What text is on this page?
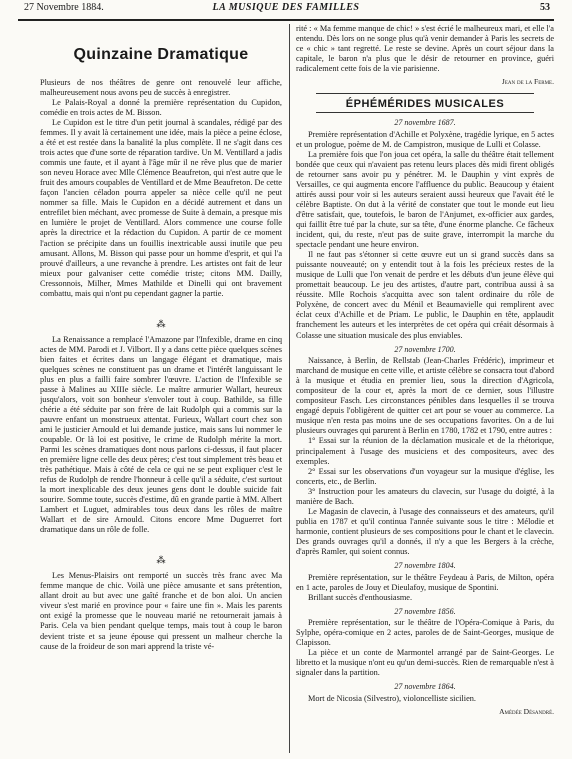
27 Novembre 1884.	LA MUSIQUE DES FAMILLES	53
Quinzaine Dramatique

Plusieurs de nos théâtres de genre ont renouvelé leur affiche, malheureusement nous avons peu de succès à enregistrer.

Le Palais-Royal a donné la première représentation du Cupidon, comédie en trois actes de M. Bisson.

Le Cupidon est le titre d'un petit journal à scandales, rédigé par des femmes. Il y avait là certainement une idée, mais la pièce a peine éclose, a été et est restée dans la banalité la plus complète. Il ne s'agit dans ces trois actes que d'une sorte de réparation tardive. Un M. Ventillard a jadis commis une faute, et il ayant à l'âge mûr il ne rêve plus que de marier son neveu Horace avec Mlle Clémence Beaufreton, qui n'est autre que le fruit des amours coupables de Ventillard et de Mme Beaufreton. De cette façon l'ancien céladon pourra appeler sa nièce celle qu'il ne peut nommer sa fille. Mais le Cupidon en a décidé autrement et dans un entrefilet bien méchant, avec promesse de Suite à demain, a presque mis en lumière le projet de Ventillard. Alors commence une course folle après la directrice et la rédaction du Cupidon. A partir de ce moment l'action se précipite dans un fouillis inextricable aussi inutile que peu amusant. Allons, M. Bisson qui passe pour un homme d'esprit, et qui l'a prouvé d'ailleurs, a une revanche à prendre. Les artistes ont fait de leur mieux pour galvaniser cette comédie triste; citons MM. Dailly, Cressonnois, Milher, Mmes Mathilde et Dinelli qui ont bravement combattu, mais qui n'ont pu cependant gagner la partie.

⁂

La Renaissance a remplacé l'Amazone par l'Infexible, drame en cinq actes de MM. Parodi et J. Vilbort. Il y a dans cette pièce quelques scènes bien faites et écrites dans un langage élégant et dramatique, mais quelques scènes ne constituent pas un drame et l'intérêt languissant le plus en plus a failli faire sombrer l'œuvre. L'action de l'Infexible se passe à Malines au XIIIe siècle. Le maître armurier Wallart, heureux jusqu'alors, voit son bonheur s'envoler tout à coup. Bathilde, sa fille chérie a été séduite par son frère de lait Rudolph qui a commis sur la pauvre enfant un monstrueux attentat. Furieux, Wallart court chez son ami le justicier Arnould et lui demande justice, mais sans lui nommer le coupable. Or là loi est positive, le crime de Rudolph mérite la mort. Parmi les scènes dramatiques dont nous parlons ci-dessus, il faut placer en première ligne celle des deux pères; c'est tout simplement très beau et très pathétique. Mais à côté de cela ce qui ne se peut expliquer c'est le refus de Rudolph de rendre l'honneur à celle qu'il a séduite, c'est surtout la mort inexplicable des deux jeunes gens dont le double suicide fait sourire. Somme toute, succès d'estime, dû en grande partie à MM. Albert Lambert et Luguet, admirables tous deux dans les rôles de maître Wallart et de sire Arnould. Citons encore Mme Duguerret fort dramatique dans un rôle de folle.

⁂

Les Menus-Plaisirs ont remporté un succès très franc avec Ma femme manque de chic. Voilà une pièce amusante et sans prétention, allant droit au but avec une gaîté franche et de bon aloi. Un ancien viveur s'est marié en province pour « faire une fin ». Mais les parents ont exigé la promesse que le nouveau marié ne retournerait jamais à Paris. Cela va bien pendant quelque temps, mais tout à coup le baron devient triste et sa jeune épouse qui pressent un malheur cherche la cause de la froideur de son mari apprend la triste vé-

rité : « Ma femme manque de chic! » s'est écrié le malheureux mari, et elle l'a entendu. Dès lors on ne songe plus qu'à venir demander à Paris les secrets de ce « chic » tant regretté. Le reste se devine. Après un court séjour dans la capitale, le baron n'a plus que le désir de retourner en province, guéri radicalement cette fois de la vie parisienne.

Jean de la Ferme.

ÉPHÉMÉRIDES MUSICALES

27 novembre 1687.

Première représentation d'Achille et Polyxène, tragédie lyrique, en 5 actes et un prologue, poème de M. de Campistron, musique de Lulli et Colasse.

La première fois que l'on joua cet opéra, la salle du théâtre était tellement bondée que ceux qui n'avaient pas retenu leurs places dès midi firent obligés de retourner sans avoir pu y pénétrer. M. le Dauphin y vint exprès de Versailles, ce qui augmenta encore l'affluence du public. Beaucoup y étaient attirés aussi pour voir si les auteurs seraient aussi heureux que l'avait été le célèbre Baptiste. On dut à la vérité de constater que tout le monde eut lieu d'être satisfait, que, toutefois, le baron de l'Anjumet, ex-officier aux gardes, qui faillit être tué par la chute, sur sa tête, d'une énorme planche. Ce fâcheux incident, qui, du reste, n'eut pas de suite grave, interrompit la marche du spectacle pendant une heure environ.

Il ne faut pas s'étonner si cette œuvre eut un si grand succès dans sa puissante nouveauté; on y entendit tout à la fois les précieux restes de la musique de Lulli que l'on venait de perdre et les débuts d'un jeune élève qui promettait beaucoup. Le jeu des artistes, d'autre part, contribua aussi à sa réussite. Mlle Rochois s'acquitta avec son talent ordinaire du rôle de Polyxène, de concert avec du Ménil et Beaumavielle qui remplirent avec éclat ceux d'Achille et de Priam. Le public, le Dauphin en tête, applaudit franchement les auteurs et les interprètes de cet opéra qui créait désormais à Colasse une situation musicale des plus enviables.

27 novembre 1700.

Naissance, à Berlin, de Rellstab (Jean-Charles Frédéric), imprimeur et marchand de musique en cette ville, et artiste célèbre se consacra tout d'abord à la musique et étudia en premier lieu, sous la direction d'Agricola, compositeur de la cour et, après la mort de ce dernier, sous l'illustre compositeur Fasch. Les circonstances pénibles dans lesquelles il se trouva engagé depuis l'obligèrent de quitter cet art pour se vouer au commerce. La musique n'en resta pas moins une de ses occupations favorites. On a de lui plusieurs ouvrages qui parurent à Berlin en 1780, 1782 et 1790, entre autres :

1° Essai sur la réunion de la déclamation musicale et de la rhétorique, principalement à l'usage des musiciens et des compositeurs, avec des exemples.

2° Essai sur les observations d'un voyageur sur la musique d'église, les concerts, etc., de Berlin.

3° Instruction pour les amateurs du clavecin, sur l'usage du doigté, à la manière de Bach.

Le Magasin de clavecin, à l'usage des connaisseurs et des amateurs, qu'il publia en 1787 et qu'il continua l'année suivante sous le titre : Mélodie et harmonie, contient plusieurs de ses compositions pour le chant et le clavecin. Des grands ouvrages qu'il a donnés, il n'y a que les Bergers à la crèche, d'après Ramler, qui soient connus.

27 novembre 1804.

Première représentation, sur le théâtre Feydeau à Paris, de Milton, opéra en 1 acte, paroles de Jouy et Dieulafoy, musique de Spontini.

Brillant succès d'enthousiasme.

27 novembre 1856.

Première représentation, sur le théâtre de l'Opéra-Comique à Paris, du Sylphe, opéra-comique en 2 actes, paroles de de Saint-Georges, musique de Clapisson.

La pièce et un conte de Marmontel arrangé par de Saint-Georges. Le libretto et la musique n'ont eu qu'un demi-succès. Rien de remarquable n'est à signaler dans la partition.

27 novembre 1864.

Mort de Nicosia (Silvestro), violoncelliste sicilien.

Amédée Désandré.
